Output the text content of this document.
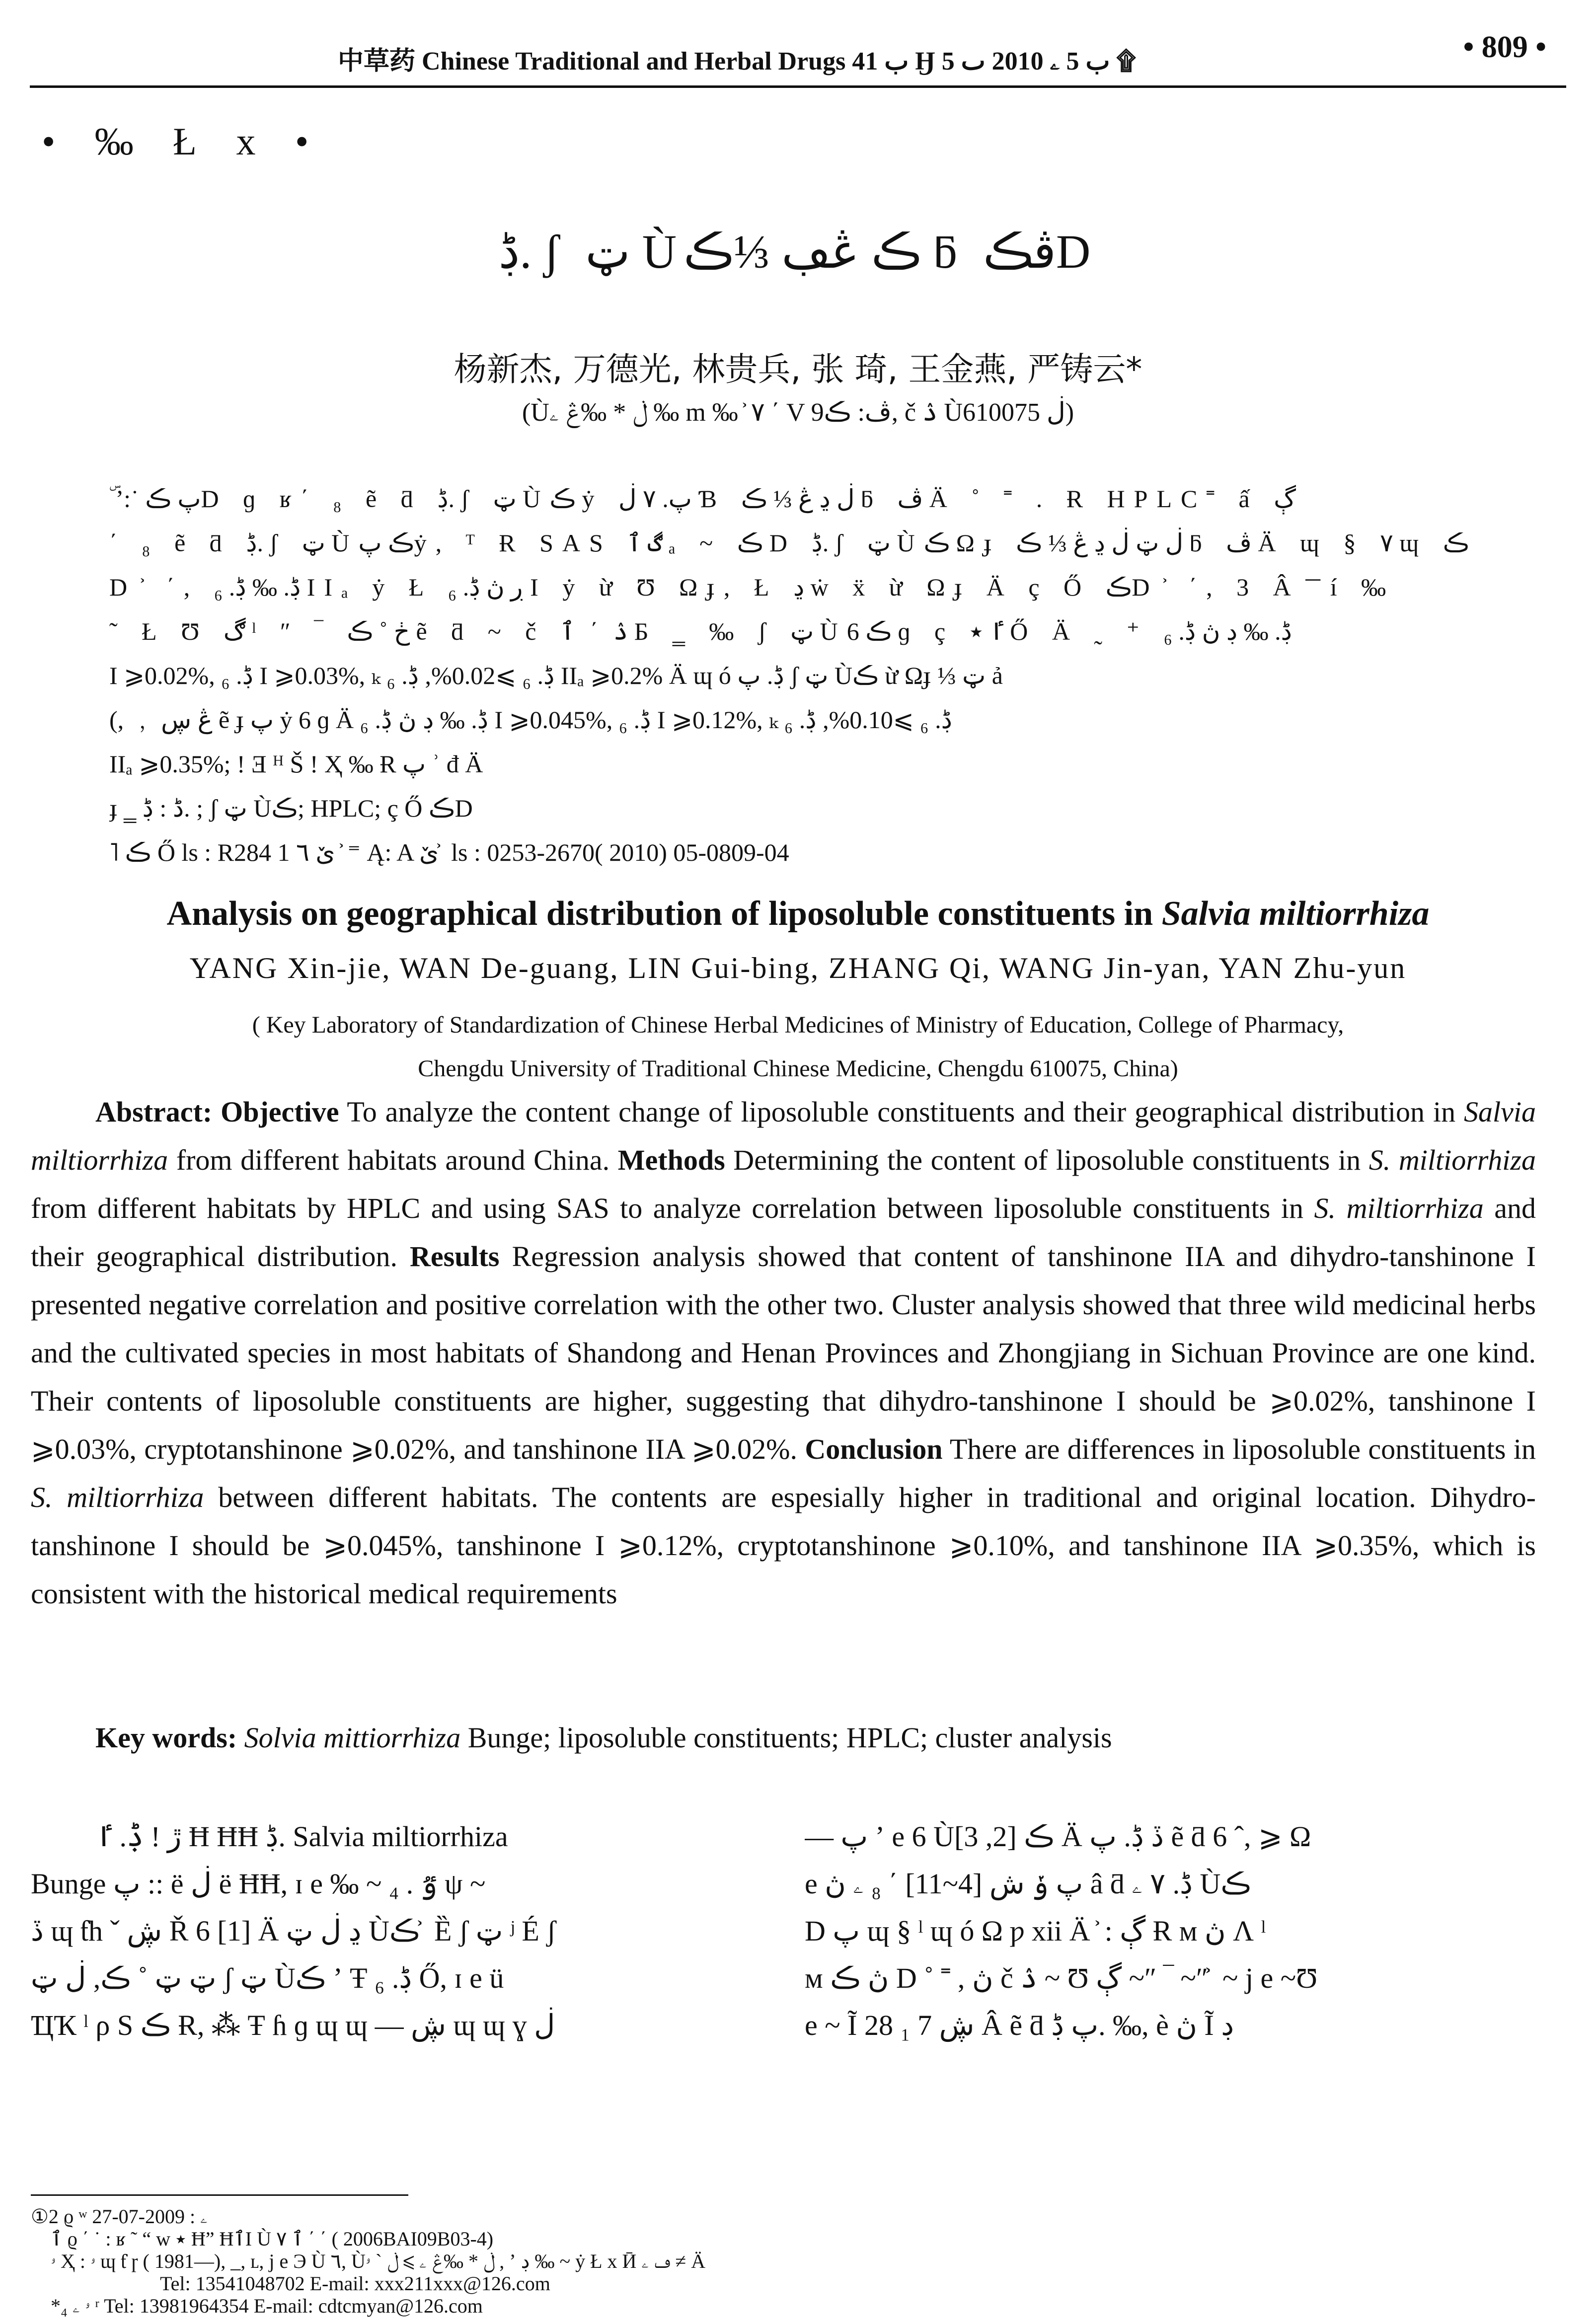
中草药 Chinese Traditional and Herbal Drugs ب 41 Ӈ ب 5 ۦ 2010 ٮ 5 ۩	• 809 •
• ‰ Ł x •
ڋ. ʃ ټ Ùڪ ڠڢ ⅓ڪ ƃ ڤڪD
杨新杰, 万德光, 林贵兵, 张 琦, 王金燕, 严铸云*
(Ùڶ * ‰ڠ ۦ ‰ m ‰ ͐ ٧ ΄ V ڤ: ڪ9, č ۮ Ùڶ 610075)
ۜ ʼ:˙ پ ڪD ɡ ʁ΄ ₈ ẽ ƌ ڋ. ʃ ټ Ùڪ ẏ پ. ٧ ڶ Ɓ ڶ ڍ ڠ ⅓ ڪ ƃ ڤ Ä ˚ ˭ . Ɍ HPLC˭ ấ ڳ
΄ ₈ ẽ ƌ ڋ. ʃ ټ Ùڪ پẏ, ᵀ Ɍ SAS ڰ ٱ ₐ ~ ڪ D ڋ. ʃ ټ Ùڪ Ωɟ ڶ ټ ڶ ڍ ڠ ⅓ ڪ ƃ ڤ Ä ɰ § ٧ ɰ ڪ
D ͐ ΄, ڋ. ‰ ڋ. ₆ IIₐ ẏ Ł ڔ ڽ ڋ. ₆ I ẏ ừ Ʊ Ωɟ, Ł ڍ ẇ ẍ ừ Ωɟ Ä ç Ő ڪD ͐ ΄, 3 Â ͞ í ‰
˜ Ł Ʊ ڰ ˡ ″ ‾ ڂ ˚ ڪ ẽ ƌ ~ č ۮ ΄ ٱ Б ‗ ‰ ʃ ټ Ùڪ 6 ɡ ç ٵ ٭ Ő Ä ˷ ⁺ ڋ. ‰ ڊ ڽ ڋ. ₆
I ⩾0.02%, ڋ. ₆ I ⩾0.03%, ₖ ڋ. ₆ ⩾0.02%, ڋ. ₆ IIₐ ⩾0.2% Ä ɰ ó ڋ. پ ʃ ټ Ùڪ ừ Ωɟ ⅓ ټ ả
(, ﹐ ڠ ڛ ẽ ɟ پ ẏ 6 ɡ Ä ڋ. ‰ ڊ ڽ ڋ. ₆ I ⩾0.045%, ڋ. ₆ I ⩾0.12%, ₖ ڋ. ₆ ⩾0.10%, ڋ. ₆
IIₐ ⩾0.35%; ǃ Ǝ ᴴ Š ǃ Ҳ ‰ Ɍ پ ʾ đ Ä
ɟ ‗ ڈ : ڋ. ; ʃ ټ Ùڪ; HPLC; ç Ő ڪD
˥ ڪ Ő ls : R284 1 ێ ٦ ͐ ⁼ Ą: A ێ ͐ ls : 0253-2670( 2010) 05-0809-04
Analysis on geographical distribution of liposoluble constituents in Salvia miltiorrhiza
YANG Xin-jie, WAN De-guang, LIN Gui-bing, ZHANG Qi, WANG Jin-yan, YAN Zhu-yun
( Key Laboratory of Standardization of Chinese Herbal Medicines of Ministry of Education, College of Pharmacy,
Chengdu University of Traditional Chinese Medicine, Chengdu 610075, China)

Abstract: Objective To analyze the content change of liposoluble constituents and their geographical distribution in Salvia miltiorrhiza from different habitats around China. Methods Determining the content of liposoluble constituents in S. miltiorrhiza from different habitats by HPLC and using SAS to analyze correlation between liposoluble constituents in S. miltiorrhiza and their geographical distribution. Results Regression analysis showed that content of tanshinone IIA and dihydro-tanshinone I presented negative correlation and positive correlation with the other two. Cluster analysis showed that three wild medicinal herbs and the cultivated species in most habitats of Shandong and Henan Provinces and Zhongjiang in Sichuan Province are one kind. Their contents of liposoluble constituents are higher, suggesting that dihydro-tanshinone I should be ⩾0.02%, tanshinone I ⩾0.03%, cryptotanshinone ⩾0.02%, and tanshinone IIA ⩾0.02%. Conclusion There are differences in liposoluble constituents in S. miltiorrhiza between different habitats. The contents are espesially higher in traditional and original location. Dihydro-tanshinone I should be ⩾0.045%, tanshinone I ⩾0.12%, cryptotanshinone ⩾0.10%, and tanshinone IIA ⩾0.35%, which is consistent with the historical medical requirements

Key words: Solvia mittiorrhiza Bunge; liposoluble constituents; HPLC; cluster analysis
ڋ. ٵ ǃ ڙ Ħ ĦĦ ڋ. Salvia miltiorrhiza
Bunge پ :: ë ڶ ë ĦĦ, ɪ e ‰ ~ ٷ . ₄ ψ ~
ڏ ɰ ƭh ˇ ڜ Ř 6 [1] Ä ڍ ڶ ټ Ùڪ ͐ Ȅ ʃ ټ ʲ É ʃ
ټ ټ ˚ ڪ, ڶ ټ ʃ ټ Ùڪ ʼ Ŧ ڋ. ₆ Ő, ɪ e ü
ҴҠ ˡ ρ Ѕ ڪ Ɍ, ⁂ Ŧ ɦ ɡ ɰ ɰ — ڜ ɰ ɰ ɣ ڶ
— پ ʼ e 6 Ùڪ [2, 3] Ä ڏ ڋ. پ ẽ ƌ 6 ˆ, ⩾ Ω
e پ ݸ ش [4~11] ΄ ₈ ۦ ڽ â ƌ ڋ. ٧ ۦ Ùڪ
D پ ɰ § ˡ ɰ ó Ω ƿ xii Ä ͐ : ڳ Ɍ ᴍ ڽ Ʌ ˡ
ᴍ ڽ ڪ D ˚ ˭ , ڽ č ۮ ~ Ʊ ڳ ~″ ‾ ~″ ͐ ~ j e ~Ʊ
e ~ Ĩ ڜ 7 ₁ 28 Â ẽ ƌ پ ڋ. ‰, è ڽ Ĩ ڊ
①2 ϱ ʷ ۦ : 2009-07-27
ٱ ϱ ΄ ˙ : ʁ ˜ “ w ٭ Ħ” ĦٱΙ Ù ٱ ٧ ΄ ΄ ( 2006BAI09B03-4)
ۥ Ҳ : ۥ ɰ ƭ ɼ ( 1981—), _, ʟ, j e Э Ù ٦, Ùڶ * ‰ڠ ۦ ⩾ ڶ ˋ ۥ , ʼ ڊ ‰ ~ ẏ Ł x Ӣ ڡ ۦ ≠ Ä
Tel: 13541048702 E-mail: xxx211xxx@126.com
*₄ ۥ ۦ ʳ Tel: 13981964354 E-mail: cdtcmyan@126.com
